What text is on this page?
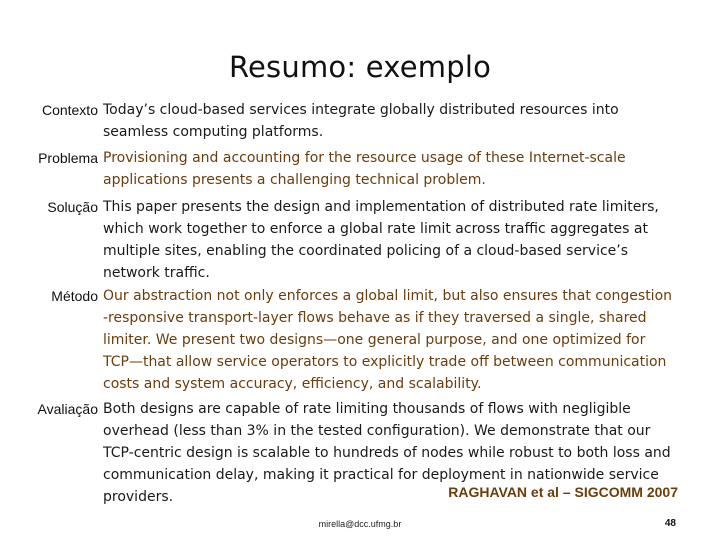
Resumo: exemplo
Contexto Today’s cloud-based services integrate globally distributed resources into
seamless computing platforms.
Problema Provisioning and accounting for the resource usage of these Internet-scale
applications presents a challenging technical problem.
Solução This paper presents the design and implementation of distributed rate limiters,
which work together to enforce a global rate limit across traffic aggregates at
multiple sites, enabling the coordinated policing of a cloud-based service’s
network traffic.
Método Our abstraction not only enforces a global limit, but also ensures that congestion
-responsive transport-layer flows behave as if they traversed a single, shared
limiter. We present two designs—one general purpose, and one optimized for
TCP—that allow service operators to explicitly trade off between communication
costs and system accuracy, efficiency, and scalability.
Avaliação Both designs are capable of rate limiting thousands of flows with negligible
overhead (less than 3% in the tested configuration). We demonstrate that our
TCP-centric design is scalable to hundreds of nodes while robust to both loss and
communication delay, making it practical for deployment in nationwide service
providers.	RAGHAVAN et al – SIGCOMM 2007
mirella@dcc.ufmg.br	48
